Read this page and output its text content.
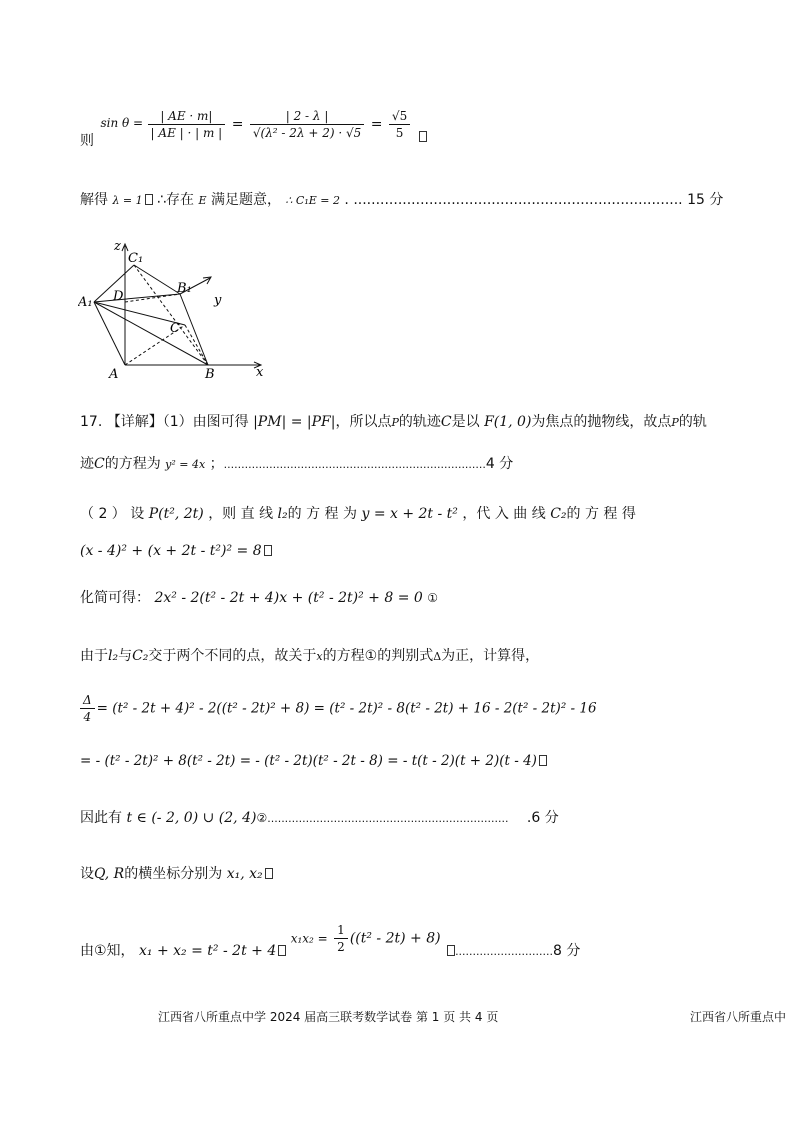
则 $\sin \theta = \frac{| AE \cdot m|}{| AE | \cdot | m |} = \frac{| 2 - \lambda |}{\text{√(λ² - 2λ + 2) · √5}} = \frac{√5}{5}$

解得 λ = 1 ∴存在 E 满足题意， ∴ C₁E = 2 . .......................................................................... 15 分
z
C₁
D
B₁
y
A₁
C
A	B	x
17. 【详解】（1）由图可得 |PM| = |PF|，所以点P的轨迹C是以 F(1, 0)为焦点的抛物线，故点P的轨
迹C的方程为 y² = 4x ；...........................................................................4 分
（ 2 ） 设 P(t², 2t) ，则 直 线 l₂的 方 程 为 y = x + 2t - t² ，代 入 曲 线 C₂的 方 程 得
(x - 4)² + (x + 2t - t²)² = 8
化简可得： 2x² - 2(t² - 2t + 4)x + (t² - 2t)² + 8 = 0 ①
由于l₂与C₂交于两个不同的点，故关于x的方程①的判别式Δ为正，计算得，
$\frac{\Delta}{4} = (t^2 - 2t + 4)^2 - 2((t^2 - 2t)^2 + 8) = (t^2 - 2t)^2 - 8(t^2 - 2t) + 16 - 2(t^2 - 2t)^2 - 16$
= - (t² - 2t)² + 8(t² - 2t) = - (t² - 2t)(t² - 2t - 8) = - t(t - 2)(t + 2)(t - 4)
因此有 t ∈ (- 2, 0) ∪ (2, 4)②..................................................................... .6 分
设Q, R的横坐标分别为 x₁, x₂
由①知， x₁ + x₂ = t² - 2t + 4 $x_1x_2 = \frac{1}{2} ((t^2 - 2t) + 8)$ ............................8 分
江西省八所重点中学 2024 届高三联考数学试卷 第 1 页 共 4 页	江西省八所重点中
